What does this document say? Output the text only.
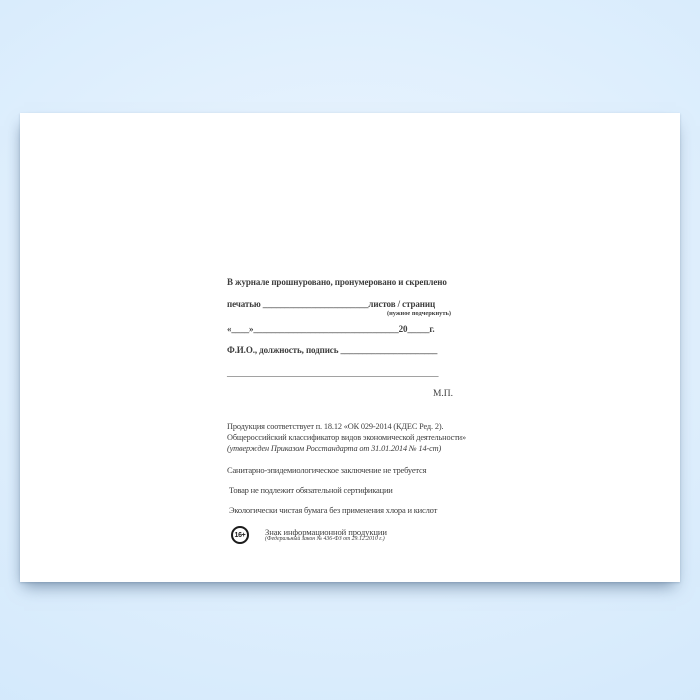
В журнале прошнуровано, пронумеровано и скреплено
печатью ________________________листов / страниц
(нужное подчеркнуть)
«____»_________________________________20_____г.
Ф.И.О., должность, подпись ______________________
_______________________________________________
М.П.
Продукция соответствует п. 18.12 «ОК 029-2014 (КДЕС Ред. 2).
Общероссийский классификатор видов экономической деятельности»
(утвержден Приказом Росстандарта от 31.01.2014 № 14-ст)
Санитарно-эпидемиологическое заключение не требуется
Товар не подлежит обязательной сертификации
Экологически чистая бумага без применения хлора и кислот
16+ Знак информационной продукции
(Федеральный закон № 436-ФЗ от 29.12.2010 г.)
